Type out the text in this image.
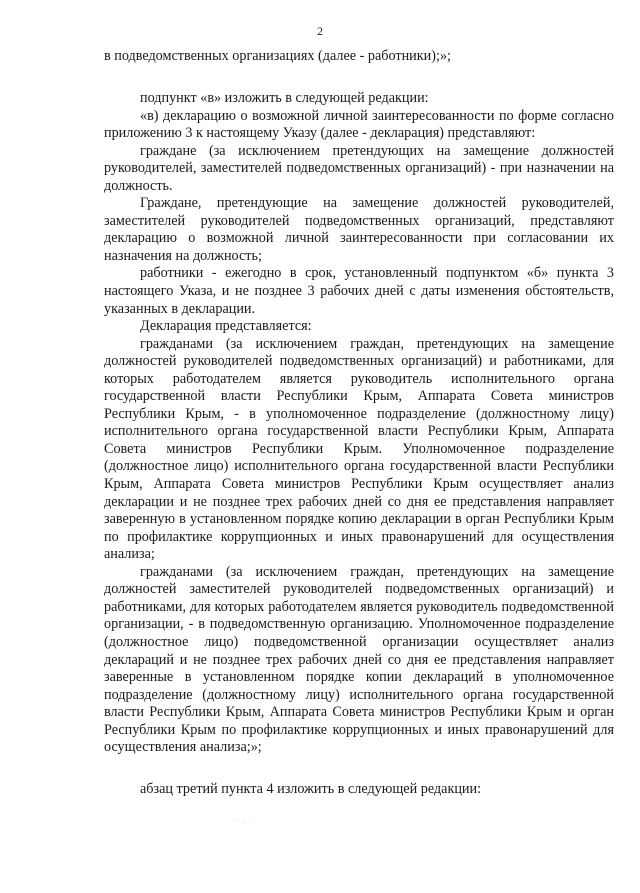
2

в подведомственных организациях (далее - работники);»;

подпункт «в» изложить в следующей редакции:

«в) декларацию о возможной личной заинтересованности по форме согласно приложению 3 к настоящему Указу (далее - декларация) представляют:

граждане (за исключением претендующих на замещение должностей руководителей, заместителей подведомственных организаций) - при назначении на должность.

Граждане, претендующие на замещение должностей руководителей, заместителей руководителей подведомственных организаций, представляют декларацию о возможной личной заинтересованности при согласовании их назначения на должность;

работники - ежегодно в срок, установленный подпунктом «б» пункта 3 настоящего Указа, и не позднее 3 рабочих дней с даты изменения обстоятельств, указанных в декларации.

Декларация представляется:

гражданами (за исключением граждан, претендующих на замещение должностей руководителей подведомственных организаций) и работниками, для которых работодателем является руководитель исполнительного органа государственной власти Республики Крым, Аппарата Совета министров Республики Крым, - в уполномоченное подразделение (должностному лицу) исполнительного органа государственной власти Республики Крым, Аппарата Совета министров Республики Крым. Уполномоченное подразделение (должностное лицо) исполнительного органа государственной власти Республики Крым, Аппарата Совета министров Республики Крым осуществляет анализ декларации и не позднее трех рабочих дней со дня ее представления направляет заверенную в установленном порядке копию декларации в орган Республики Крым по профилактике коррупционных и иных правонарушений для осуществления анализа;

гражданами (за исключением граждан, претендующих на замещение должностей заместителей руководителей подведомственных организаций) и работниками, для которых работодателем является руководитель подведомственной организации, - в подведомственную организацию. Уполномоченное подразделение (должностное лицо) подведомственной организации осуществляет анализ деклараций и не позднее трех рабочих дней со дня ее представления направляет заверенные в установленном порядке копии деклараций в уполномоченное подразделение (должностному лицу) исполнительного органа государственной власти Республики Крым, Аппарата Совета министров Республики Крым и орган Республики Крым по профилактике коррупционных и иных правонарушений для осуществления анализа;»;

абзац третий пункта 4 изложить в следующей редакции:
